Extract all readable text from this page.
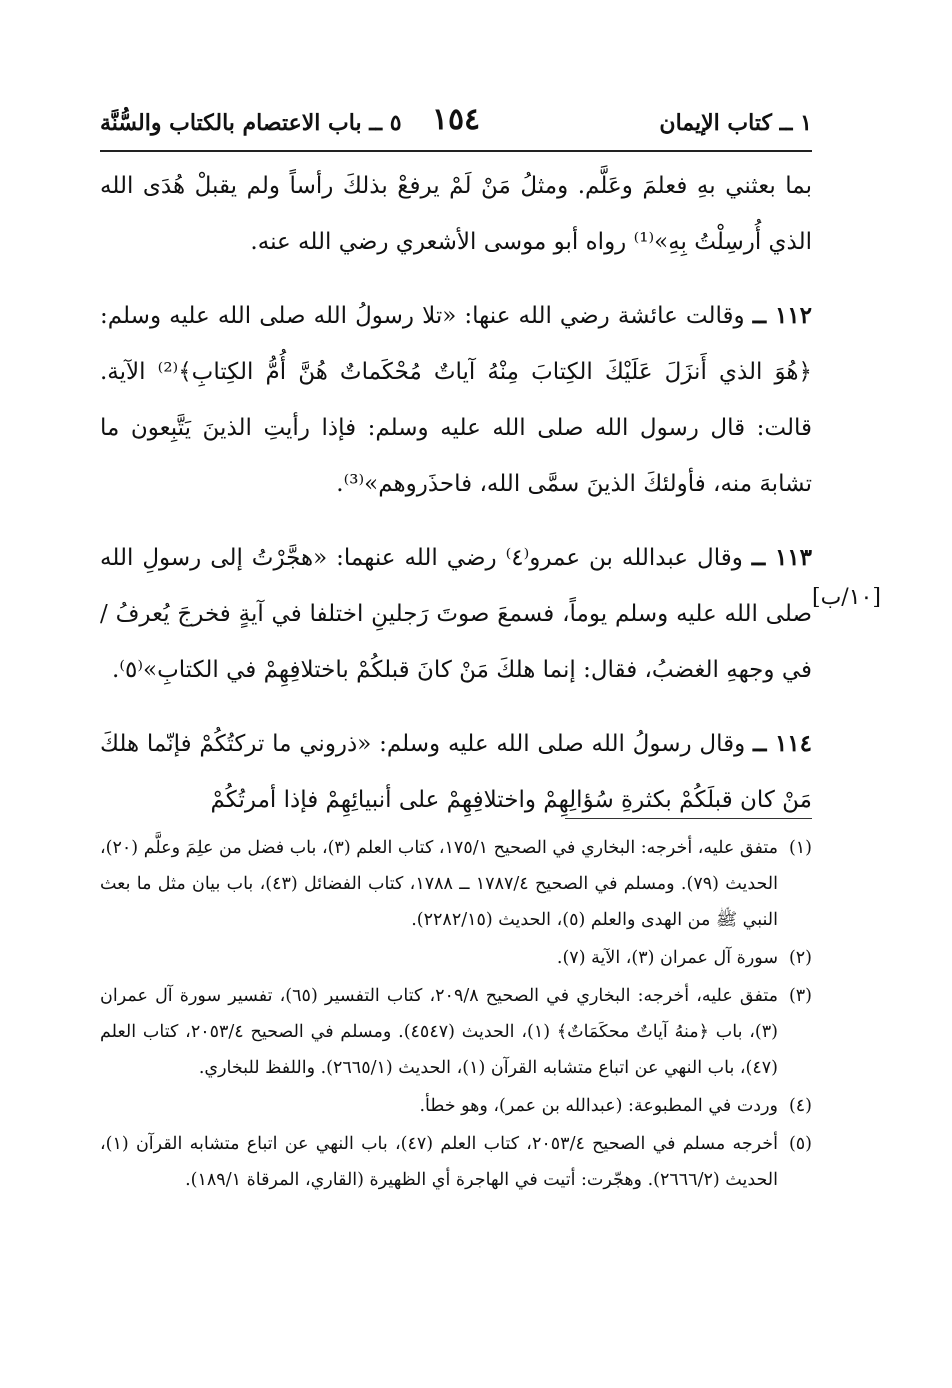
١ ــ كتاب الإيمان
١٥٤
٥ ــ باب الاعتصام بالكتاب والسُّنَّة

بما بعثني بهِ فعلمَ وعَلَّم. ومثلُ مَنْ لَمْ يرفعْ بذلكَ رأساً ولم يقبلْ هُدَى الله الذي أُرسِلْتُ بِهِ»⁽¹⁾ رواه أبو موسى الأشعري رضي الله عنه.

١١٢ ــ وقالت عائشة رضي الله عنها: «تلا رسولُ الله صلى الله عليه وسلم: ﴿هُوَ الذي أَنزَلَ عَلَيْكَ الكِتابَ مِنْهُ آياتٌ مُحْكَماتٌ هُنَّ أُمُّ الكِتابِ﴾⁽²⁾ الآية. قالت: قال رسول الله صلى الله عليه وسلم: فإذا رأيتِ الذينَ يَتَّبِعون ما تشابهَ منه، فأولئكَ الذينَ سمَّى الله، فاحذَروهم»⁽³⁾.

١١٣ ــ وقال عبدالله بن عمرو⁽٤⁾ رضي الله عنهما: «هجَّرْتُ إلى رسولِ الله صلى الله عليه وسلم يوماً، فسمعَ صوتَ رَجلينِ اختلفا في آيةٍ فخرجَ يُعرفُ / في وجههِ الغضبُ، فقال: إنما هلكَ مَنْ كانَ قبلكُمْ باختلافِهِمْ في الكتابِ»⁽٥⁾.

١١٤ ــ وقال رسولُ الله صلى الله عليه وسلم: «ذروني ما تركتُكُمْ فإنّما هلكَ مَنْ كان قبلَكُمْ بكثرةِ سُؤالِهِمْ واختلافِهِمْ على أنبيائِهِمْ فإذا أمرتُكُمْ

[١٠/ب]
(١)
متفق عليه، أخرجه: البخاري في الصحيح ١٧٥/١، كتاب العلم (٣)، باب فضل من علِمَ وعلَّم (٢٠)، الحديث (٧٩). ومسلم في الصحيح ١٧٨٧/٤ ــ ١٧٨٨، كتاب الفضائل (٤٣)، باب بيان مثل ما بعث النبي ﷺ من الهدى والعلم (٥)، الحديث (٢٢٨٢/١٥).
(٢)
سورة آل عمران (٣)، الآية (٧).
(٣)
متفق عليه، أخرجه: البخاري في الصحيح ٢٠٩/٨، كتاب التفسير (٦٥)، تفسير سورة آل عمران (٣)، باب ﴿منهُ آياتٌ محكَمَاتٌ﴾ (١)، الحديث (٤٥٤٧). ومسلم في الصحيح ٢٠٥٣/٤، كتاب العلم (٤٧)، باب النهي عن اتباع متشابه القرآن (١)، الحديث (٢٦٦٥/١). واللفظ للبخاري.
(٤)
وردت في المطبوعة: (عبدالله بن عمر)، وهو خطأ.
(٥)
أخرجه مسلم في الصحيح ٢٠٥٣/٤، كتاب العلم (٤٧)، باب النهي عن اتباع متشابه القرآن (١)، الحديث (٢٦٦٦/٢). وهجّرت: أتيت في الهاجرة أي الظهيرة (القاري، المرقاة ١٨٩/١).
